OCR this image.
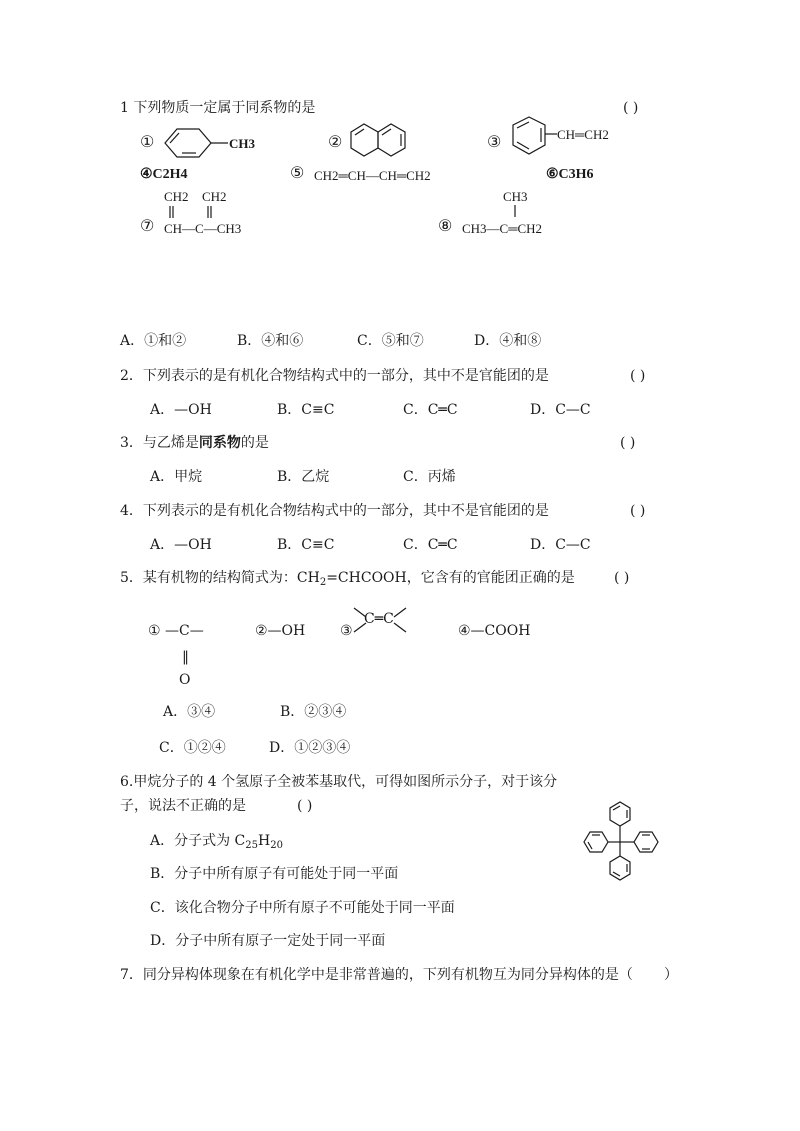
1 下列物质一定属于同系物的是	( )
①	CH3	②	③	CH═CH2
④C2H4	⑤ CH2═CH—CH═CH2	⑥C3H6
CH2 CH2
⑦ CH—C—CH3
CH3
⑧ CH3—C═CH2
A．①和②	B．④和⑥	C．⑤和⑦	D．④和⑧
2．下列表示的是有机化合物结构式中的一部分，其中不是官能团的是	( )
A．—OH	B．C≡C	C．C═C	D．C—C
3．与乙烯是同系物的是	( )
A．甲烷	B．乙烷	C．丙烯
4．下列表示的是有机化合物结构式中的一部分，其中不是官能团的是	( )
A．—OH	B．C≡C	C．C═C	D．C—C
5．某有机物的结构简式为：$CH_2=CHCOOH$，它含有的官能团正确的是	( )
① —C—
‖
O
②—OH ③
C═C
④—COOH
A．③④	B．②③④
C．①②④	D．①②③④
6.甲烷分子的 4 个氢原子全被苯基取代，可得如图所示分子，对于该分
子，说法不正确的是	( )
A．分子式为 $C_{25}H_{20}$
B．分子中所有原子有可能处于同一平面
C．该化合物分子中所有原子不可能处于同一平面
D．分子中所有原子一定处于同一平面
7．同分异构体现象在有机化学中是非常普遍的，下列有机物互为同分异构体的是（ ）
